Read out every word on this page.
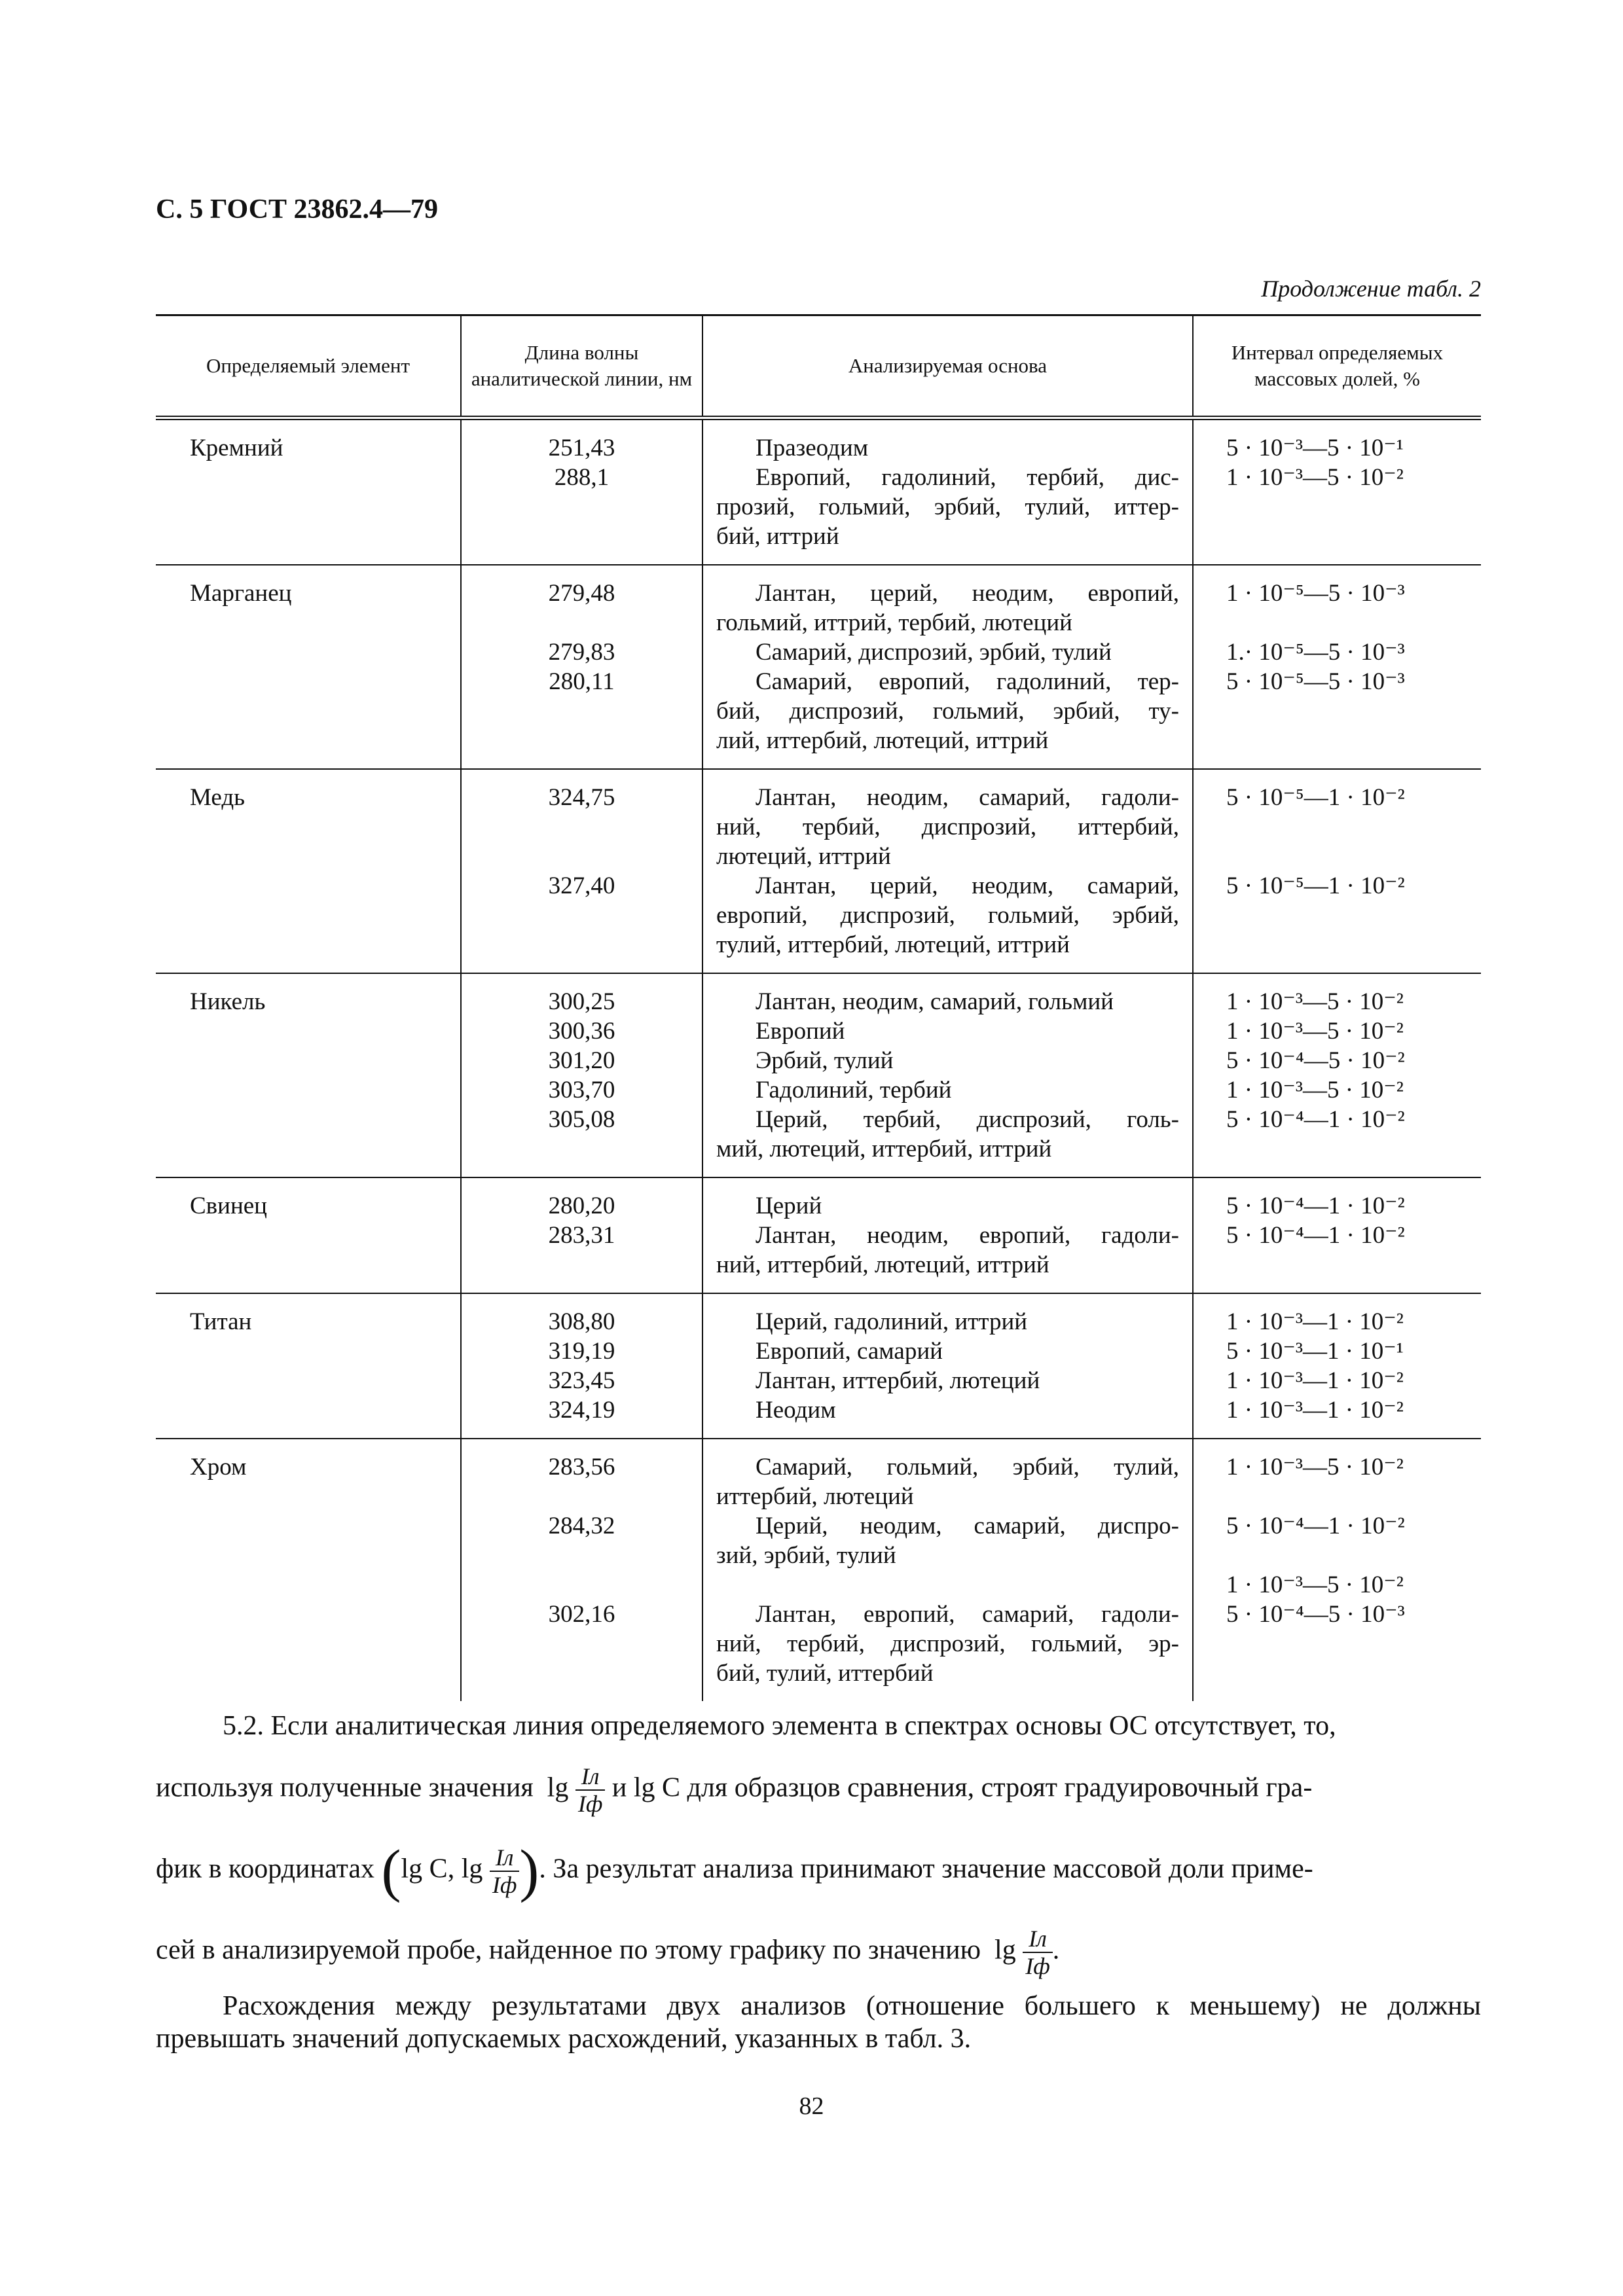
С. 5 ГОСТ 23862.4—79
Продолжение табл. 2
Определяемый элемент	Длина волны аналитической линии, нм	Анализируемая основа	Интервал определяемых массовых долей, %
Кремний	251,43	Празеодим	5 · 10⁻³—5 · 10⁻¹
	288,1	Европий, гадолиний, тербий, дис-
прозий, гольмий, эрбий, тулий, иттер-
бий, иттрий	1 · 10⁻³—5 · 10⁻²
Марганец	279,48	Лантан, церий, неодим, европий,
гольмий, иттрий, тербий, лютеций	1 · 10⁻⁵—5 · 10⁻³
	279,83	Самарий, диспрозий, эрбий, тулий	1.· 10⁻⁵—5 · 10⁻³
	280,11	Самарий, европий, гадолиний, тер-
бий, диспрозий, гольмий, эрбий, ту-
лий, иттербий, лютеций, иттрий	5 · 10⁻⁵—5 · 10⁻³
Медь	324,75	Лантан, неодим, самарий, гадоли-
ний, тербий, диспрозий, иттербий,
лютеций, иттрий	5 · 10⁻⁵—1 · 10⁻²
	327,40	Лантан, церий, неодим, самарий,
европий, диспрозий, гольмий, эрбий,
тулий, иттербий, лютеций, иттрий	5 · 10⁻⁵—1 · 10⁻²
Никель	300,25	Лантан, неодим, самарий, гольмий	1 · 10⁻³—5 · 10⁻²
	300,36	Европий	1 · 10⁻³—5 · 10⁻²
	301,20	Эрбий, тулий	5 · 10⁻⁴—5 · 10⁻²
	303,70	Гадолиний, тербий	1 · 10⁻³—5 · 10⁻²
	305,08	Церий, тербий, диспрозий, голь-
мий, лютеций, иттербий, иттрий	5 · 10⁻⁴—1 · 10⁻²
Свинец	280,20	Церий	5 · 10⁻⁴—1 · 10⁻²
	283,31	Лантан, неодим, европий, гадоли-
ний, иттербий, лютеций, иттрий	5 · 10⁻⁴—1 · 10⁻²
Титан	308,80	Церий, гадолиний, иттрий	1 · 10⁻³—1 · 10⁻²
	319,19	Европий, самарий	5 · 10⁻³—1 · 10⁻¹
	323,45	Лантан, иттербий, лютеций	1 · 10⁻³—1 · 10⁻²
	324,19	Неодим	1 · 10⁻³—1 · 10⁻²
Хром	283,56	Самарий, гольмий, эрбий, тулий,
иттербий, лютеций	1 · 10⁻³—5 · 10⁻²
	284,32	Церий, неодим, самарий, диспро-
зий, эрбий, тулий	5 · 10⁻⁴—1 · 10⁻²
			1 · 10⁻³—5 · 10⁻²
	302,16	Лантан, европий, самарий, гадоли-
ний, тербий, диспрозий, гольмий, эр-
бий, тулий, иттербий	5 · 10⁻⁴—5 · 10⁻³
5.2. Если аналитическая линия определяемого элемента в спектрах основы ОС отсутствует, то,
используя полученные значения $\lg \frac{Iл}{Iф}$ и lg C для образцов сравнения, строят градуировочный гра-
фик в координатах (lg C, $\lg \frac{Iл}{Iф}$ ). За результат анализа принимают значение массовой доли приме-
сей в анализируемой пробе, найденное по этому графику по значению $\lg \frac{Iл}{Iф}$ .
Расхождения между результатами двух анализов (отношение большего к меньшему) не должны превышать значений допускаемых расхождений, указанных в табл. 3.
82
